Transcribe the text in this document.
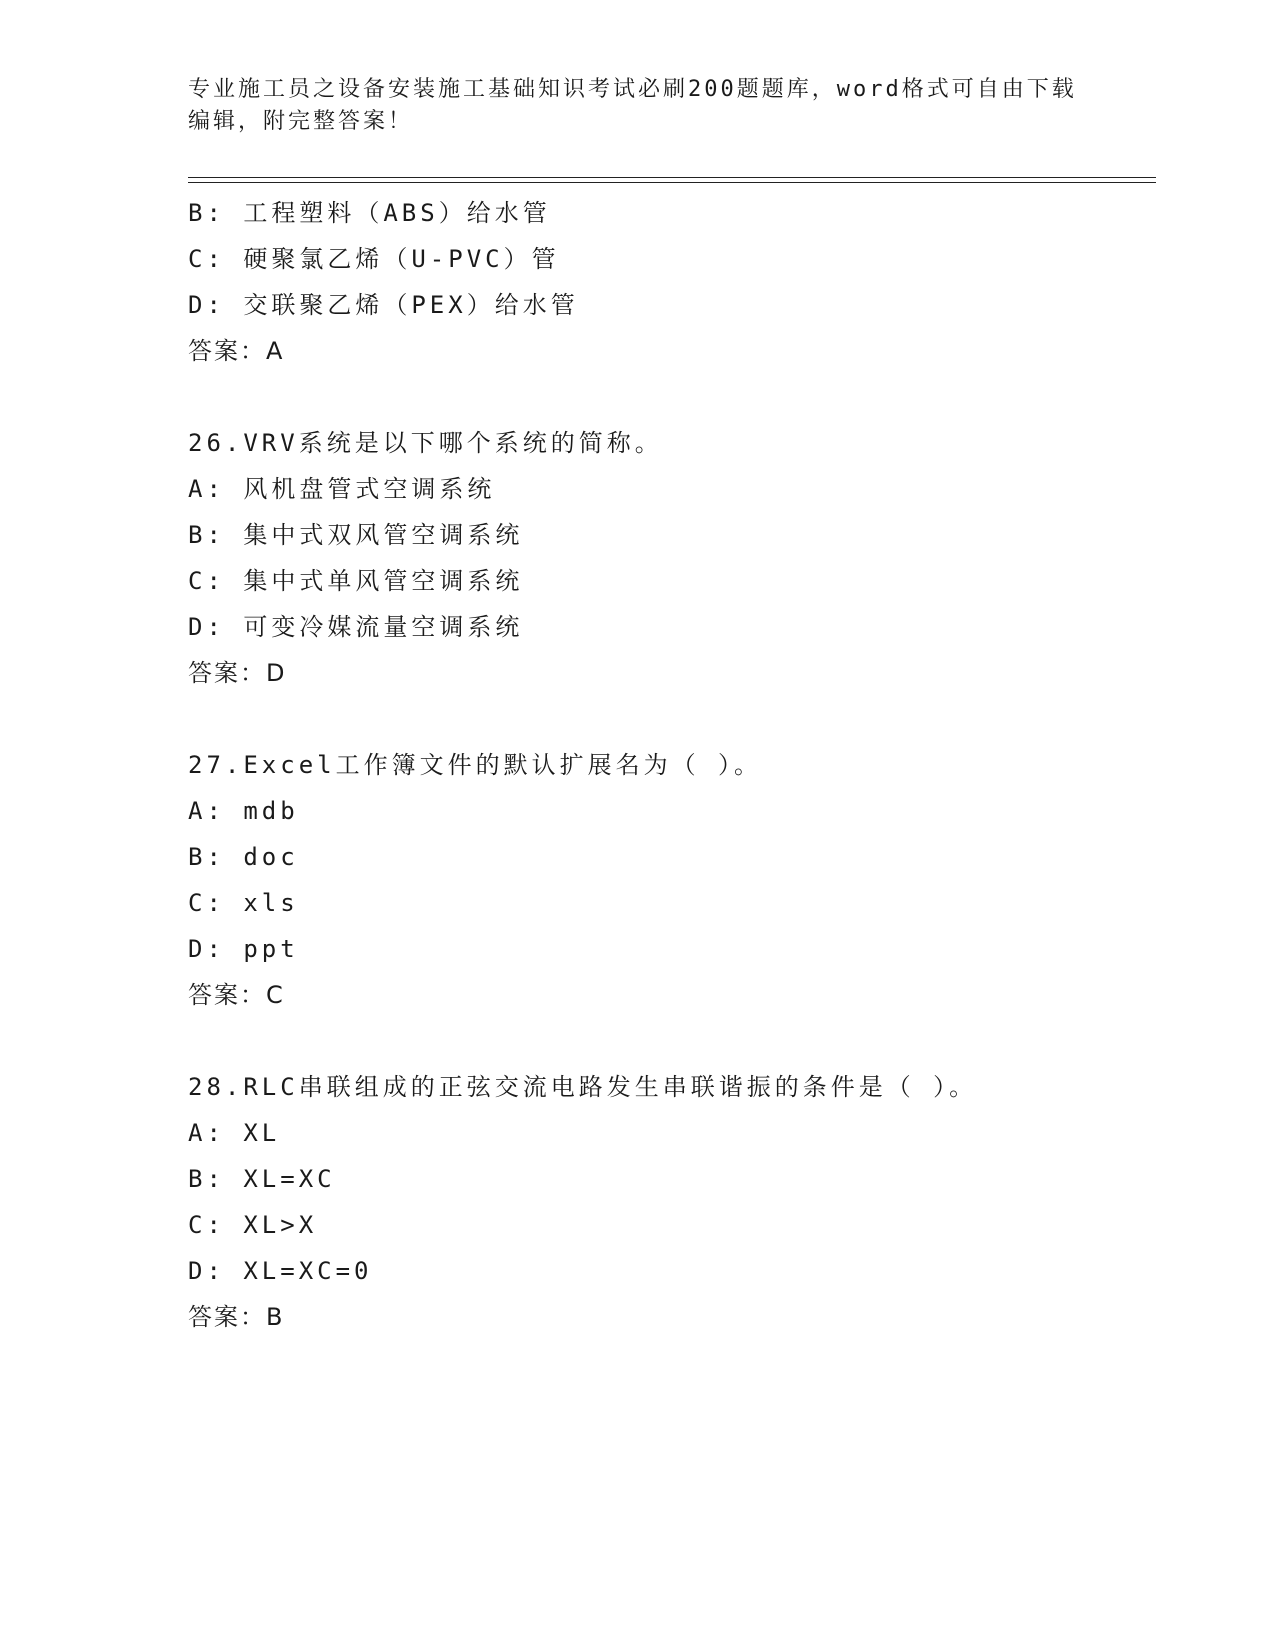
专业施工员之设备安装施工基础知识考试必刷200题题库，word格式可自由下载
编辑，附完整答案！
B: 工程塑料（ABS）给水管
C: 硬聚氯乙烯（U-PVC）管
D: 交联聚乙烯（PEX）给水管
答案：A
26.VRV系统是以下哪个系统的简称。
A: 风机盘管式空调系统
B: 集中式双风管空调系统
C: 集中式单风管空调系统
D: 可变冷媒流量空调系统
答案：D
27.Excel工作簿文件的默认扩展名为（ ）。
A: mdb
B: doc
C: xls
D: ppt
答案：C
28.RLC串联组成的正弦交流电路发生串联谐振的条件是（ ）。
A: XL
B: XL=XC
C: XL>X
D: XL=XC=0
答案：B
